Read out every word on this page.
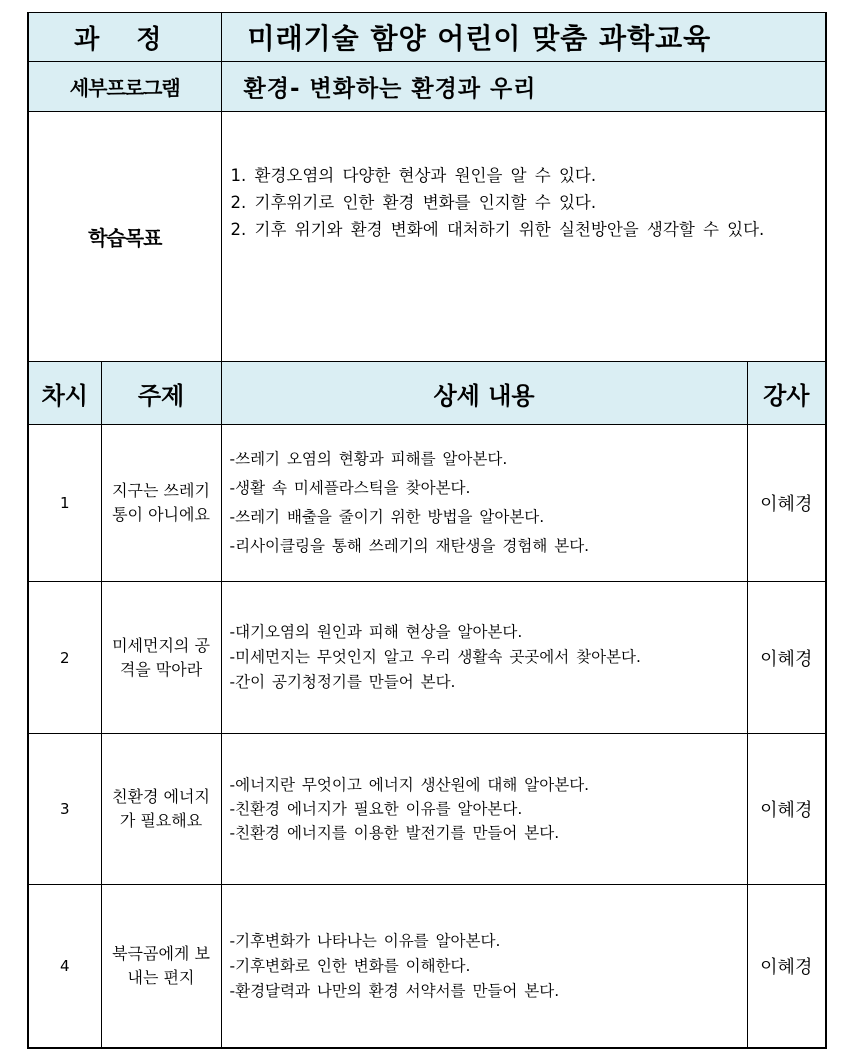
과 정		미래기술 함양 어린이 맞춤 과학교육	
세부프로그램		환경- 변화하는 환경과 우리	
학습목표		1. 환경오염의 다양한 현상과 원인을 알 수 있다.
2. 기후위기로 인한 환경 변화를 인지할 수 있다.
2. 기후 위기와 환경 변화에 대처하기 위한 실천방안을 생각할 수 있다.	

차시	주제	상세 내용	강사
1	지구는 쓰레기통이 아니에요	-쓰레기 오염의 현황과 피해를 알아본다.
-생활 속 미세플라스틱을 찾아본다.
-쓰레기 배출을 줄이기 위한 방법을 알아본다.
-리사이클링을 통해 쓰레기의 재탄생을 경험해 본다.	이혜경
2	미세먼지의 공격을 막아라	-대기오염의 원인과 피해 현상을 알아본다.
-미세먼지는 무엇인지 알고 우리 생활속 곳곳에서 찾아본다.
-간이 공기청정기를 만들어 본다.	이혜경
3	친환경 에너지가 필요해요	-에너지란 무엇이고 에너지 생산원에 대해 알아본다.
-친환경 에너지가 필요한 이유를 알아본다.
-친환경 에너지를 이용한 발전기를 만들어 본다.	이혜경
4	북극곰에게 보내는 편지	-기후변화가 나타나는 이유를 알아본다.
-기후변화로 인한 변화를 이해한다.
-환경달력과 나만의 환경 서약서를 만들어 본다.	이혜경
